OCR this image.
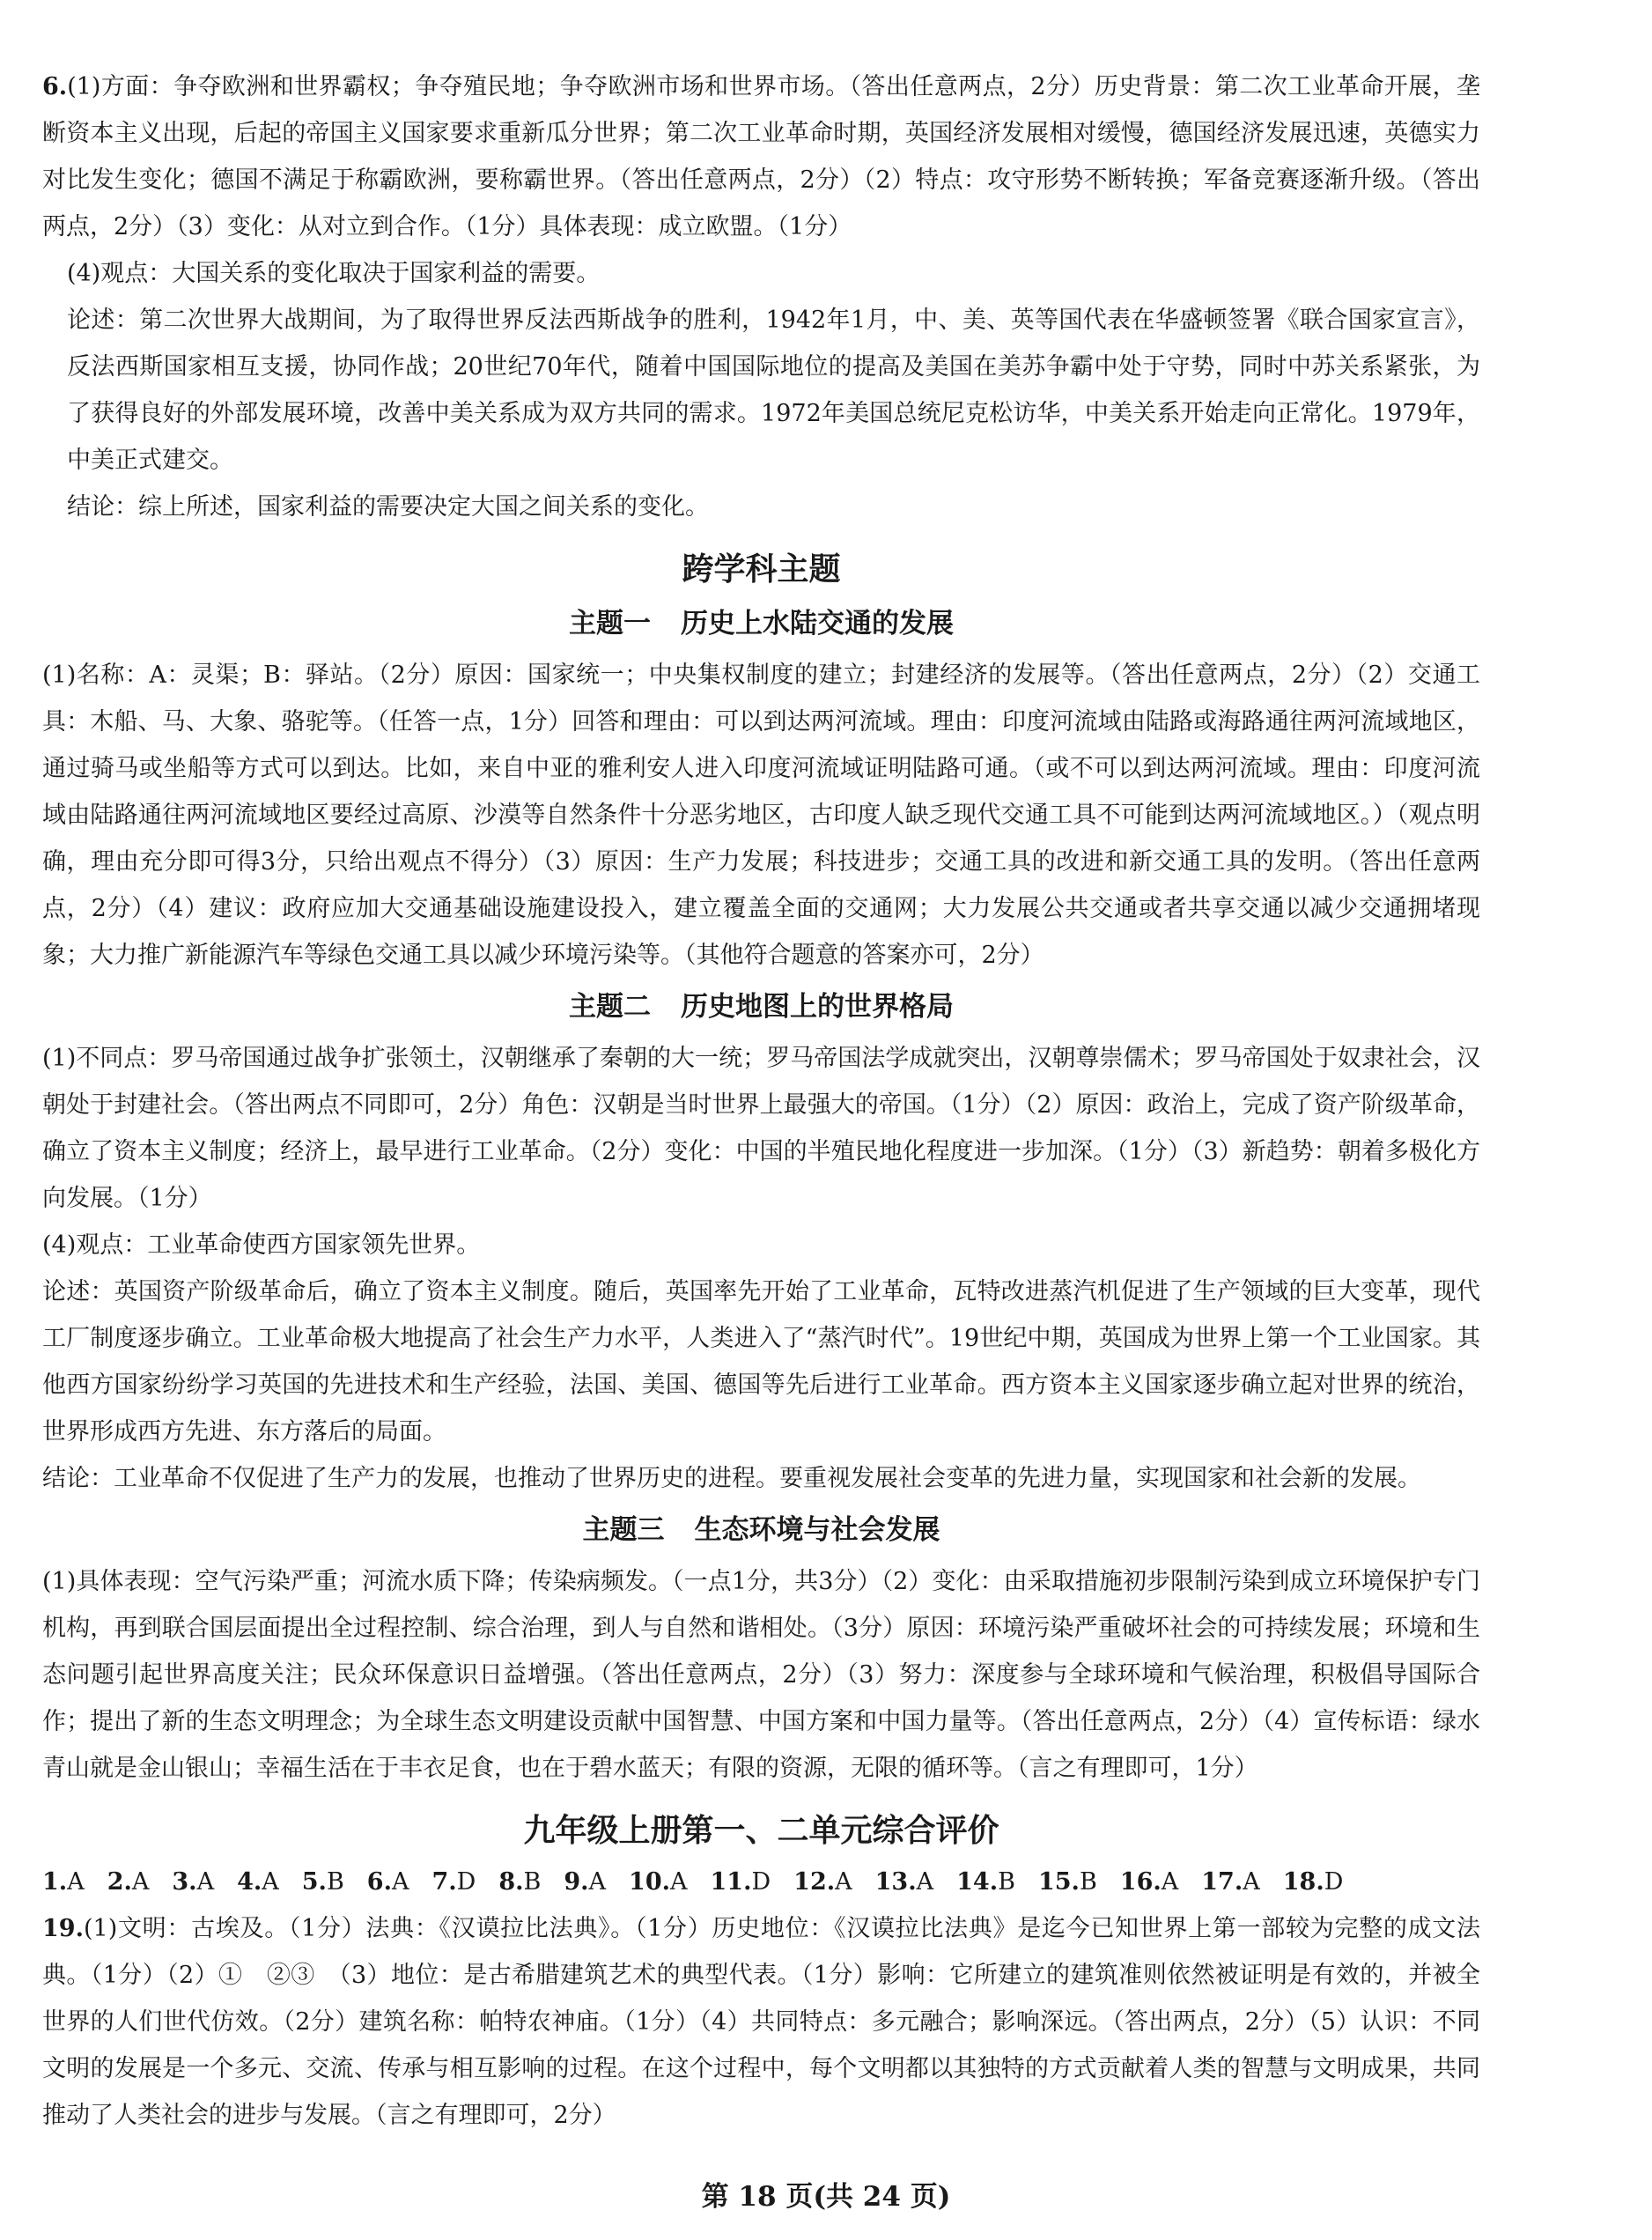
6.(1)方面：争夺欧洲和世界霸权；争夺殖民地；争夺欧洲市场和世界市场。（答出任意两点，2分）历史背景：第二次工业革命开展，垄断资本主义出现，后起的帝国主义国家要求重新瓜分世界；第二次工业革命时期，英国经济发展相对缓慢，德国经济发展迅速，英德实力对比发生变化；德国不满足于称霸欧洲，要称霸世界。（答出任意两点，2分）（2）特点：攻守形势不断转换；军备竞赛逐渐升级。（答出两点，2分）（3）变化：从对立到合作。（1分）具体表现：成立欧盟。（1分）

(4)观点：大国关系的变化取决于国家利益的需要。

论述：第二次世界大战期间，为了取得世界反法西斯战争的胜利，1942年1月，中、美、英等国代表在华盛顿签署《联合国家宣言》，反法西斯国家相互支援，协同作战；20世纪70年代，随着中国国际地位的提高及美国在美苏争霸中处于守势，同时中苏关系紧张，为了获得良好的外部发展环境，改善中美关系成为双方共同的需求。1972年美国总统尼克松访华，中美关系开始走向正常化。1979年，中美正式建交。

结论：综上所述，国家利益的需要决定大国之间关系的变化。

跨学科主题
主题一 历史上水陆交通的发展

(1)名称：A：灵渠；B：驿站。（2分）原因：国家统一；中央集权制度的建立；封建经济的发展等。（答出任意两点，2分）（2）交通工具：木船、马、大象、骆驼等。（任答一点，1分）回答和理由：可以到达两河流域。理由：印度河流域由陆路或海路通往两河流域地区，通过骑马或坐船等方式可以到达。比如，来自中亚的雅利安人进入印度河流域证明陆路可通。（或不可以到达两河流域。理由：印度河流域由陆路通往两河流域地区要经过高原、沙漠等自然条件十分恶劣地区，古印度人缺乏现代交通工具不可能到达两河流域地区。）（观点明确，理由充分即可得3分，只给出观点不得分）（3）原因：生产力发展；科技进步；交通工具的改进和新交通工具的发明。（答出任意两点，2分）（4）建议：政府应加大交通基础设施建设投入，建立覆盖全面的交通网；大力发展公共交通或者共享交通以减少交通拥堵现象；大力推广新能源汽车等绿色交通工具以减少环境污染等。（其他符合题意的答案亦可，2分）

主题二 历史地图上的世界格局

(1)不同点：罗马帝国通过战争扩张领土，汉朝继承了秦朝的大一统；罗马帝国法学成就突出，汉朝尊崇儒术；罗马帝国处于奴隶社会，汉朝处于封建社会。（答出两点不同即可，2分）角色：汉朝是当时世界上最强大的帝国。（1分）（2）原因：政治上，完成了资产阶级革命，确立了资本主义制度；经济上，最早进行工业革命。（2分）变化：中国的半殖民地化程度进一步加深。（1分）（3）新趋势：朝着多极化方向发展。（1分）

(4)观点：工业革命使西方国家领先世界。

论述：英国资产阶级革命后，确立了资本主义制度。随后，英国率先开始了工业革命，瓦特改进蒸汽机促进了生产领域的巨大变革，现代工厂制度逐步确立。工业革命极大地提高了社会生产力水平，人类进入了“蒸汽时代”。19世纪中期，英国成为世界上第一个工业国家。其他西方国家纷纷学习英国的先进技术和生产经验，法国、美国、德国等先后进行工业革命。西方资本主义国家逐步确立起对世界的统治，世界形成西方先进、东方落后的局面。

结论：工业革命不仅促进了生产力的发展，也推动了世界历史的进程。要重视发展社会变革的先进力量，实现国家和社会新的发展。

主题三 生态环境与社会发展

(1)具体表现：空气污染严重；河流水质下降；传染病频发。（一点1分，共3分）（2）变化：由采取措施初步限制污染到成立环境保护专门机构，再到联合国层面提出全过程控制、综合治理，到人与自然和谐相处。（3分）原因：环境污染严重破坏社会的可持续发展；环境和生态问题引起世界高度关注；民众环保意识日益增强。（答出任意两点，2分）（3）努力：深度参与全球环境和气候治理，积极倡导国际合作；提出了新的生态文明理念；为全球生态文明建设贡献中国智慧、中国方案和中国力量等。（答出任意两点，2分）（4）宣传标语：绿水青山就是金山银山；幸福生活在于丰衣足食，也在于碧水蓝天；有限的资源，无限的循环等。（言之有理即可，1分）

九年级上册第一、二单元综合评价

1.A 2.A 3.A 4.A 5.B 6.A 7.D 8.B 9.A 10.A 11.D 12.A 13.A 14.B 15.B 16.A 17.A 18.D

19.(1)文明：古埃及。（1分）法典：《汉谟拉比法典》。（1分）历史地位：《汉谟拉比法典》是迄今已知世界上第一部较为完整的成文法典。（1分）（2）①　②③　（3）地位：是古希腊建筑艺术的典型代表。（1分）影响：它所建立的建筑准则依然被证明是有效的，并被全世界的人们世代仿效。（2分）建筑名称：帕特农神庙。（1分）（4）共同特点：多元融合；影响深远。（答出两点，2分）（5）认识：不同文明的发展是一个多元、交流、传承与相互影响的过程。在这个过程中，每个文明都以其独特的方式贡献着人类的智慧与文明成果，共同推动了人类社会的进步与发展。（言之有理即可，2分）

第 18 页(共 24 页)
